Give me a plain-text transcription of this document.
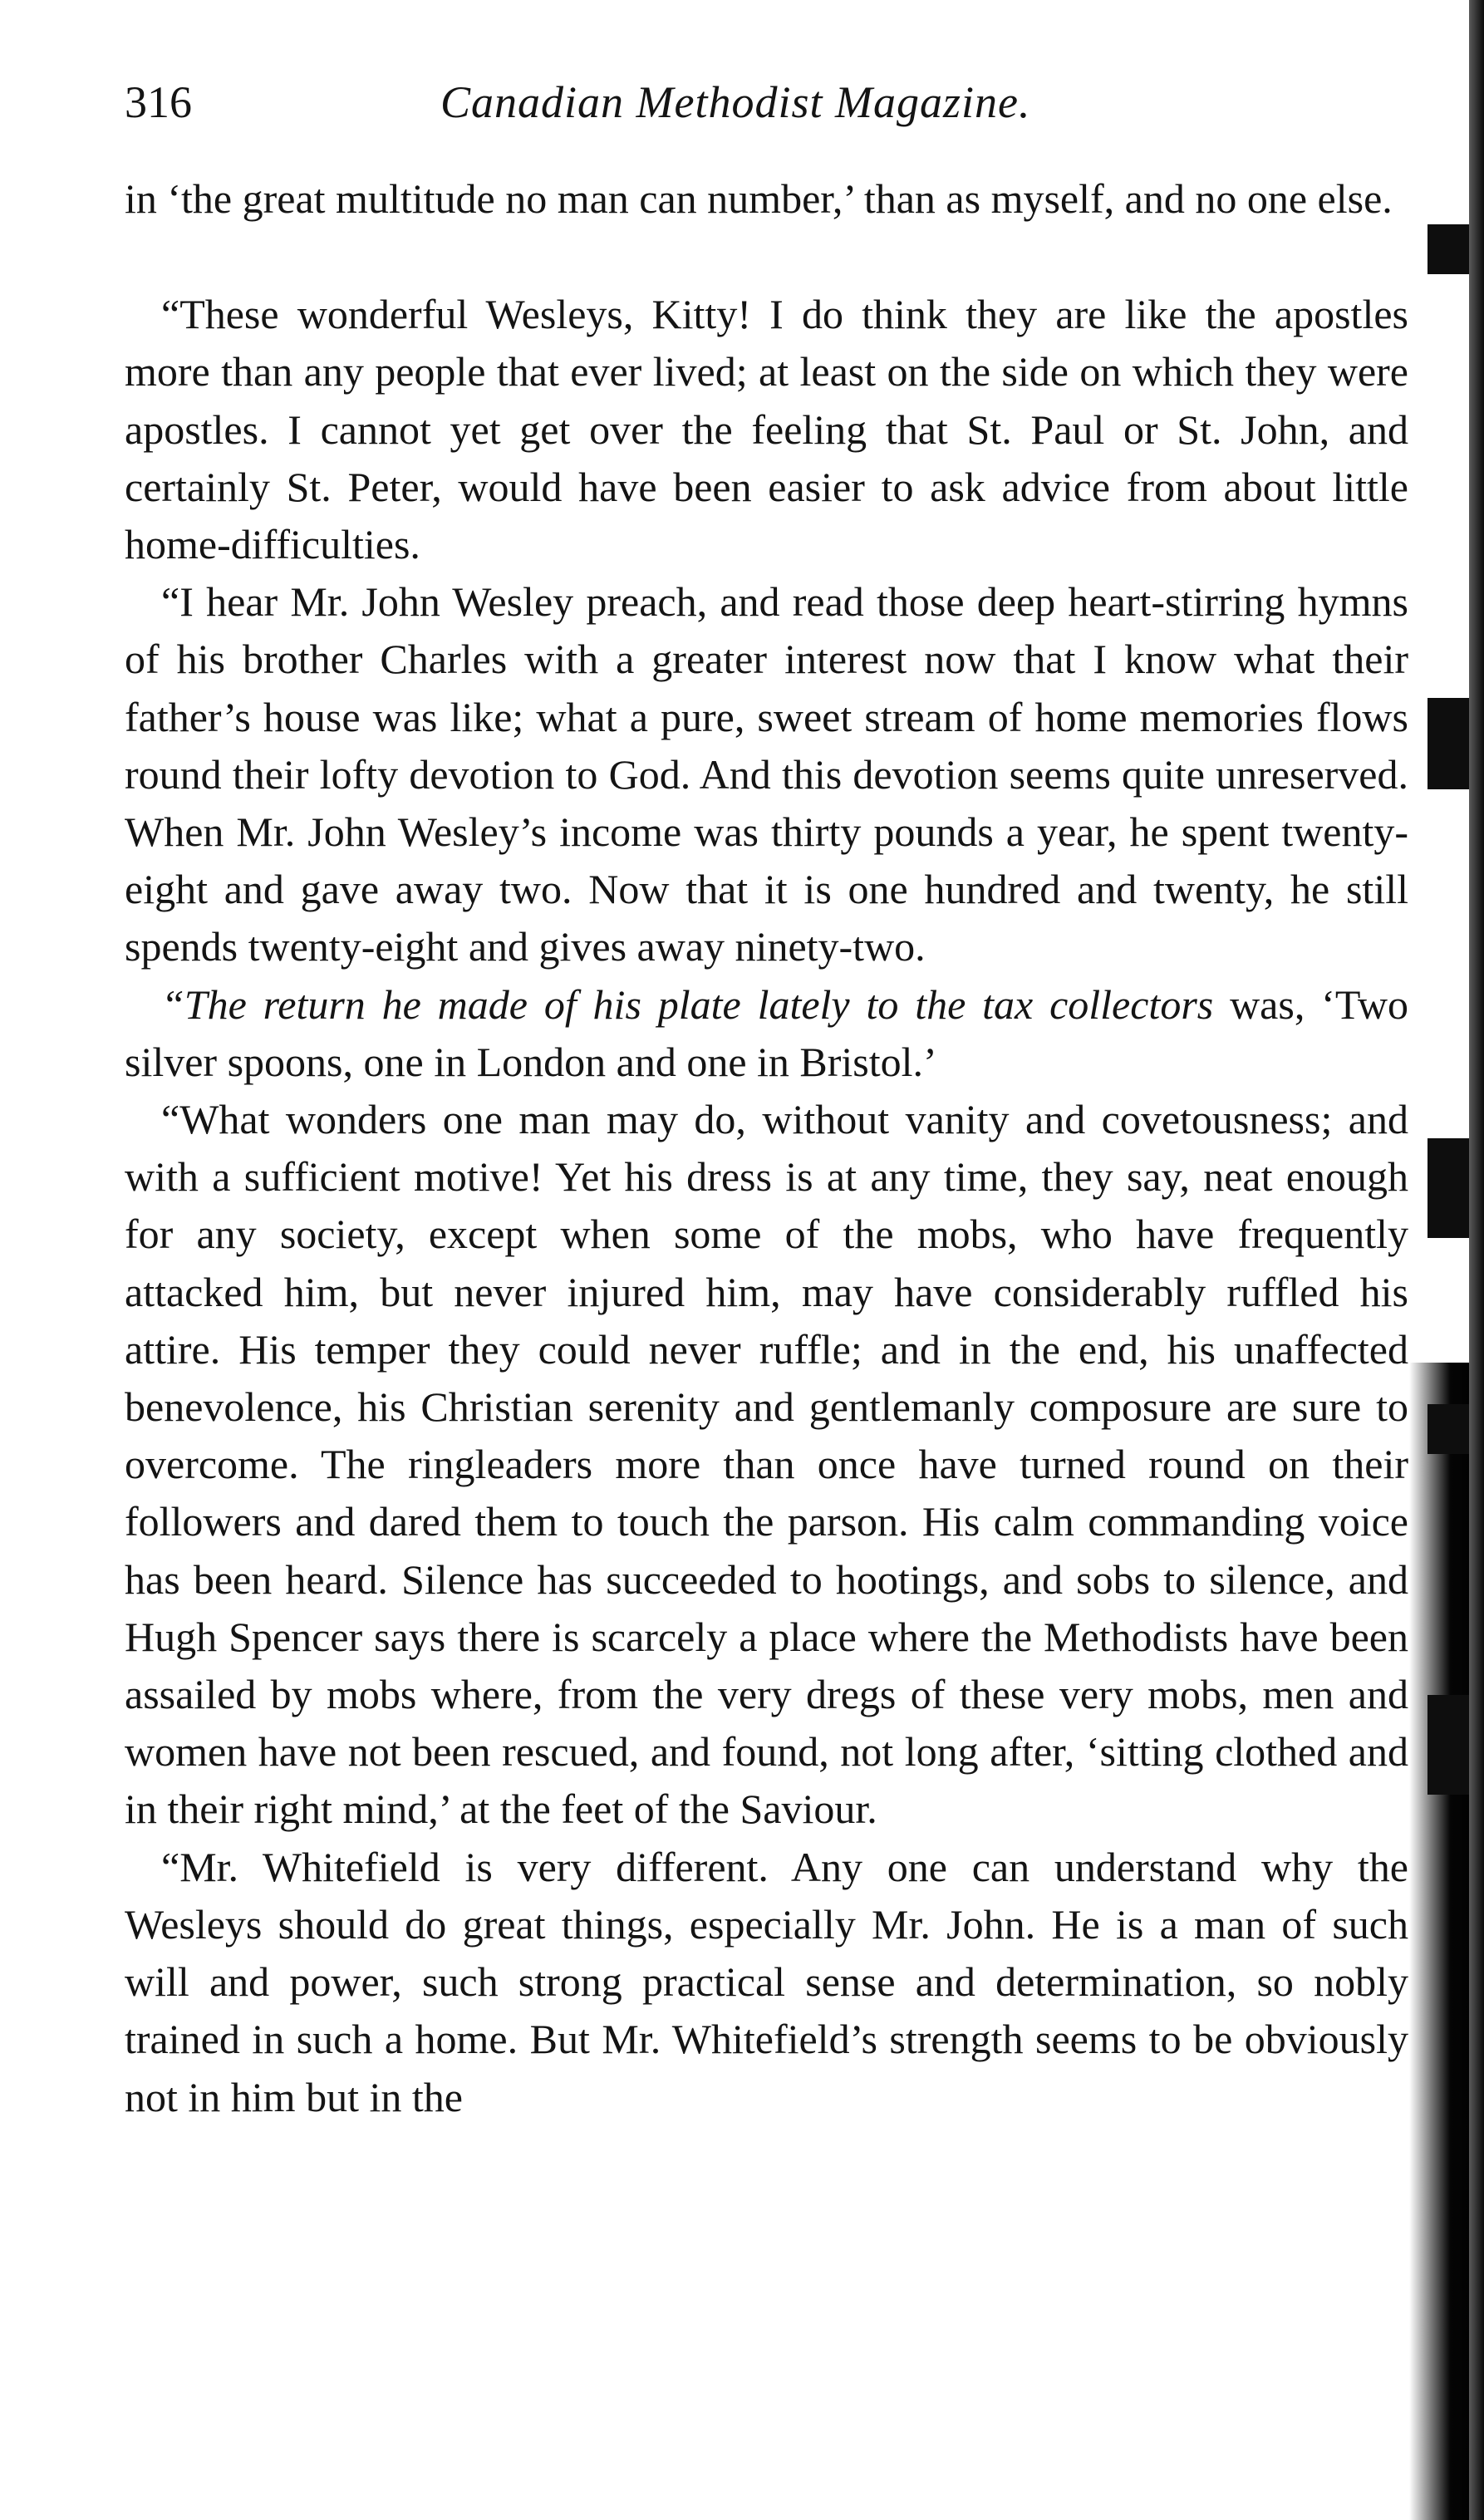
316	Canadian Methodist Magazine.

in ‘the great multitude no man can number,’ than as myself, and no one else.

“These wonderful Wesleys, Kitty! I do think they are like the apostles more than any people that ever lived; at least on the side on which they were apostles. I cannot yet get over the feeling that St. Paul or St. John, and certainly St. Peter, would have been easier to ask advice from about little home-difficulties.

“I hear Mr. John Wesley preach, and read those deep heart-stirring hymns of his brother Charles with a greater interest now that I know what their father’s house was like; what a pure, sweet stream of home memories flows round their lofty devotion to God. And this devotion seems quite unreserved. When Mr. John Wesley’s income was thirty pounds a year, he spent twenty-eight and gave away two. Now that it is one hundred and twenty, he still spends twenty-eight and gives away ninety-two.

“The return he made of his plate lately to the tax collectors was, ‘Two silver spoons, one in London and one in Bristol.’

“What wonders one man may do, without vanity and covetousness; and with a sufficient motive! Yet his dress is at any time, they say, neat enough for any society, except when some of the mobs, who have frequently attacked him, but never injured him, may have considerably ruffled his attire. His temper they could never ruffle; and in the end, his unaffected benevolence, his Christian serenity and gentlemanly composure are sure to overcome. The ringleaders more than once have turned round on their followers and dared them to touch the parson. His calm commanding voice has been heard. Silence has succeeded to hootings, and sobs to silence, and Hugh Spencer says there is scarcely a place where the Methodists have been assailed by mobs where, from the very dregs of these very mobs, men and women have not been rescued, and found, not long after, ‘sitting clothed and in their right mind,’ at the feet of the Saviour.

“Mr. Whitefield is very different. Any one can understand why the Wesleys should do great things, especially Mr. John. He is a man of such will and power, such strong practical sense and determination, so nobly trained in such a home. But Mr. Whitefield’s strength seems to be obviously not in him but in the
